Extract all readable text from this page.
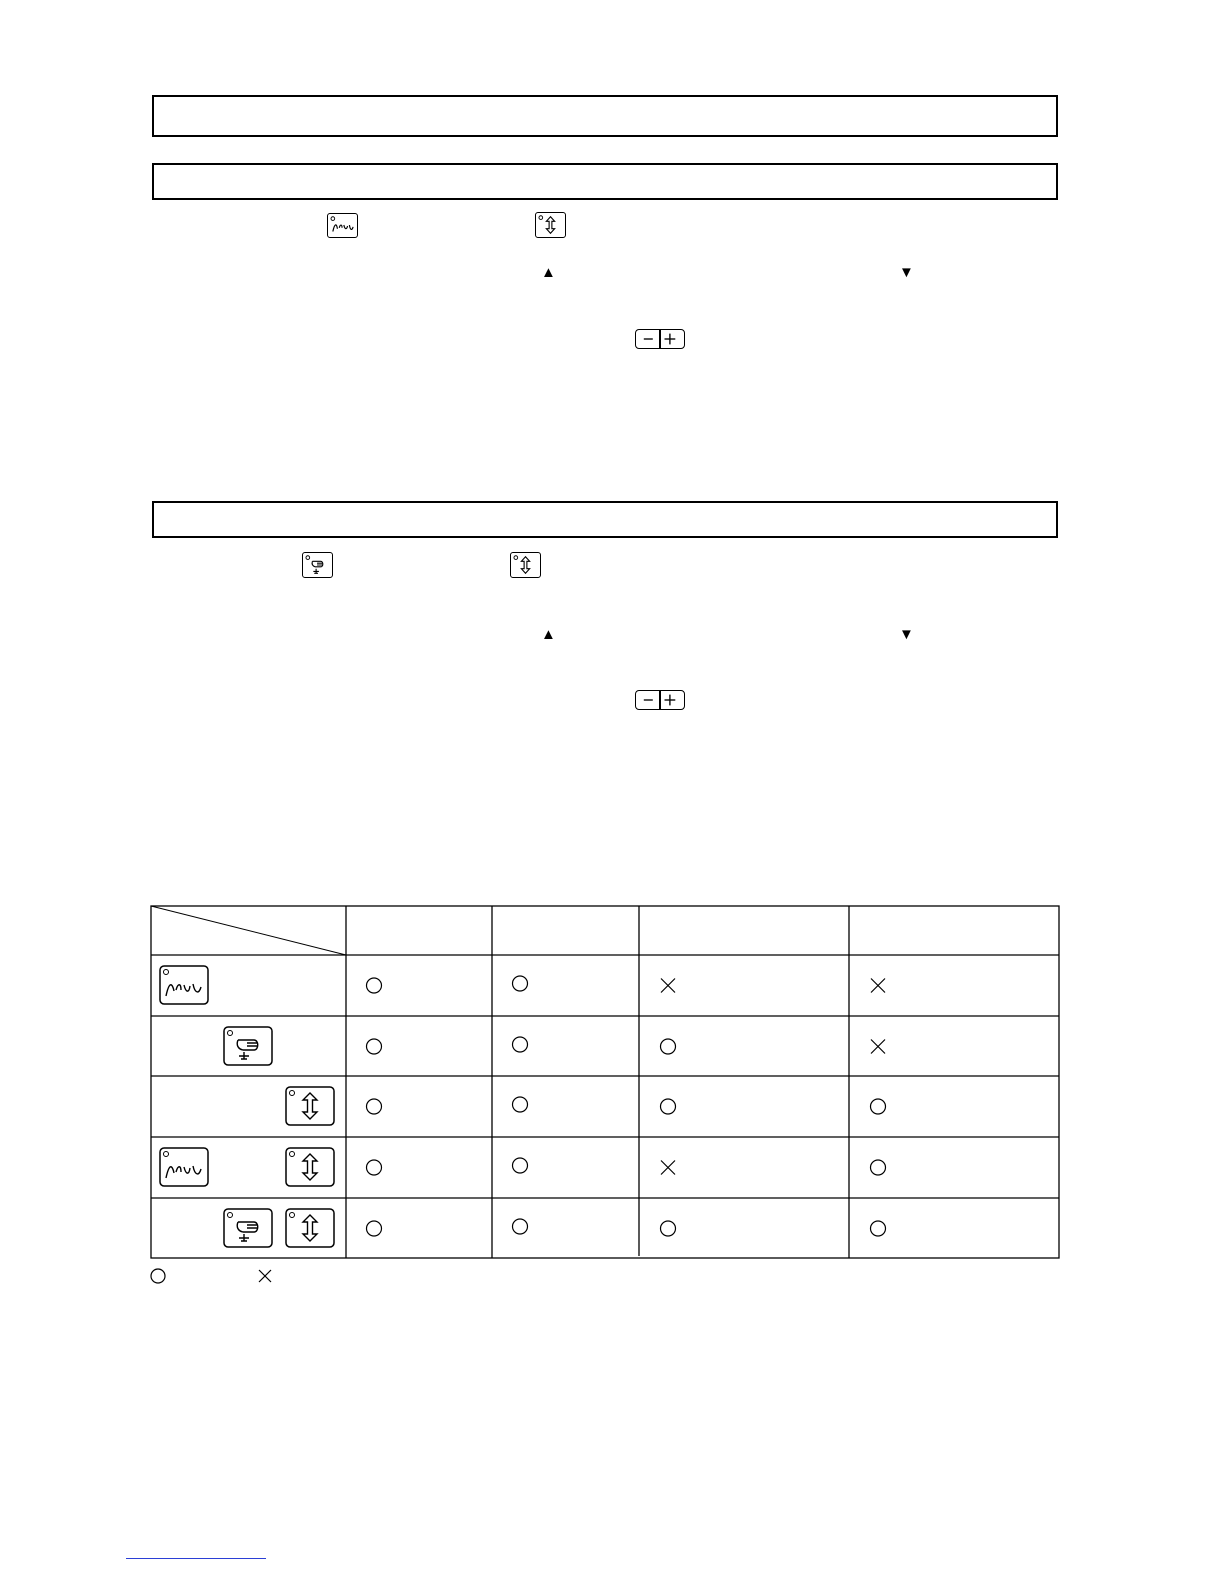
▲	▼
▲	▼
